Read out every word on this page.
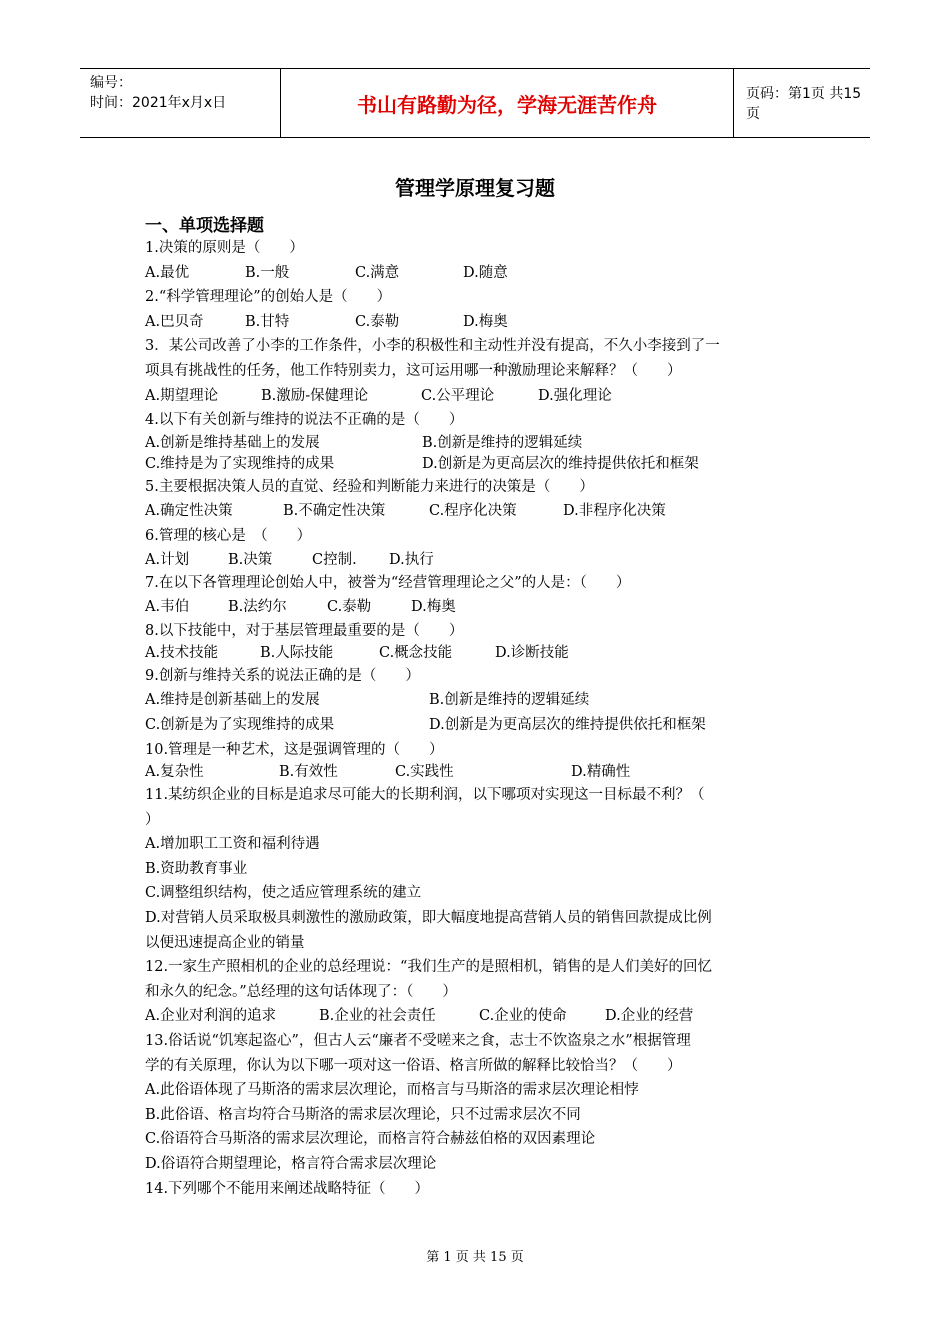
编号：
时间：2021年x月x日	书山有路勤为径，学海无涯苦作舟	页码：第1页 共15页
管理学原理复习题
一、单项选择题
1.决策的原则是（　　）
A.最优	B.一般	C.满意	D.随意
2.“科学管理理论”的创始人是（　　）
A.巴贝奇	B.甘特	C.泰勒	D.梅奥
3．某公司改善了小李的工作条件，小李的积极性和主动性并没有提高，不久小李接到了一
项具有挑战性的任务，他工作特别卖力，这可运用哪一种激励理论来解释？（　　）
A.期望理论	B.激励-保健理论	C.公平理论	D.强化理论
4.以下有关创新与维持的说法不正确的是（　　）
A.创新是维持基础上的发展	B.创新是维持的逻辑延续
C.维持是为了实现维持的成果	D.创新是为更高层次的维持提供依托和框架
5.主要根据决策人员的直觉、经验和判断能力来进行的决策是（　　）
A.确定性决策	B.不确定性决策	C.程序化决策	D.非程序化决策
6.管理的核心是　（　　）
A.计划	B.决策	C控制. D.执行
7.在以下各管理理论创始人中，被誉为“经营管理理论之父”的人是：（　　）
A.韦伯	B.法约尔	C.泰勒	D.梅奥
8.以下技能中，对于基层管理最重要的是（　　）
A.技术技能	B.人际技能	C.概念技能	D.诊断技能
9.创新与维持关系的说法正确的是（　　）
A.维持是创新基础上的发展	B.创新是维持的逻辑延续
C.创新是为了实现维持的成果	D.创新是为更高层次的维持提供依托和框架
10.管理是一种艺术，这是强调管理的（　　）
A.复杂性	B.有效性	C.实践性	D.精确性
11.某纺织企业的目标是追求尽可能大的长期利润，以下哪项对实现这一目标最不利？（
）
A.增加职工工资和福利待遇
B.资助教育事业
C.调整组织结构，使之适应管理系统的建立
D.对营销人员采取极具刺激性的激励政策，即大幅度地提高营销人员的销售回款提成比例
以便迅速提高企业的销量
12.一家生产照相机的企业的总经理说：“我们生产的是照相机，销售的是人们美好的回忆
和永久的纪念。”总经理的这句话体现了：（　　）
A.企业对利润的追求	B.企业的社会责任	C.企业的使命	D.企业的经营
13.俗话说“饥寒起盗心”，但古人云“廉者不受嗟来之食，志士不饮盗泉之水”根据管理
学的有关原理，你认为以下哪一项对这一俗语、格言所做的解释比较恰当？（　　）
A.此俗语体现了马斯洛的需求层次理论，而格言与马斯洛的需求层次理论相悖
B.此俗语、格言均符合马斯洛的需求层次理论，只不过需求层次不同
C.俗语符合马斯洛的需求层次理论，而格言符合赫兹伯格的双因素理论
D.俗语符合期望理论，格言符合需求层次理论
14.下列哪个不能用来阐述战略特征（　　）
第 1 页 共 15 页
